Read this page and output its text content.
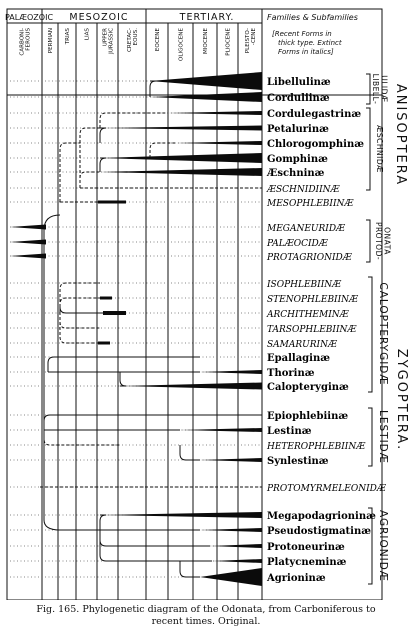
PALÆOZOIC MESOZOIC	TERTIARY.	Families & Subfamilies
[Recent Forms in
thick type. Extinct
Forms in italics]
CARBONI- FEROUS	PERMIAN TRIAS LIAS UPPER JURASSIC CRETAC- EOUS.	EOCENE	OLIGOCENE	MIOCENE	PLIOCENE PLEISTO- -CENE
Libellulinæ
Corduliinæ
Cordulegastrinæ
Petalurinæ
Chlorogomphinæ
Gomphinæ
Æschninæ
ÆSCHNIDIINÆ
MESOPHLEBIINÆ
MEGANEURIDÆ
PALÆOCIDÆ
PROTAGRIONIDÆ
ISOPHLEBIINÆ
STENOPHLEBIINÆ
ARCHITHEMINÆ
TARSOPHLEBIINÆ
SAMARURINÆ
Epallaginæ
Thorinæ
Calopteryginæ
Epiophlebiinæ
Lestinæ
HETEROPHLEBIINÆ
Synlestinæ
PROTOMYRMELEONIDÆ
Megapodagrioninæ
Pseudostigmatinæ
Protoneurinæ
Platycneminæ
Agrioninæ
LIBELL- ULIDÆ
ÆSCHNIDÆ ANISOPTERA
PROTOD- ONATA
CALOPTERYGIDÆ
LESTIDÆ
AGRIONIDÆ
ZYGOPTERA.
Fig. 165. Phylogenetic diagram of the Odonata, from Carboniferous to
recent times. Original.
